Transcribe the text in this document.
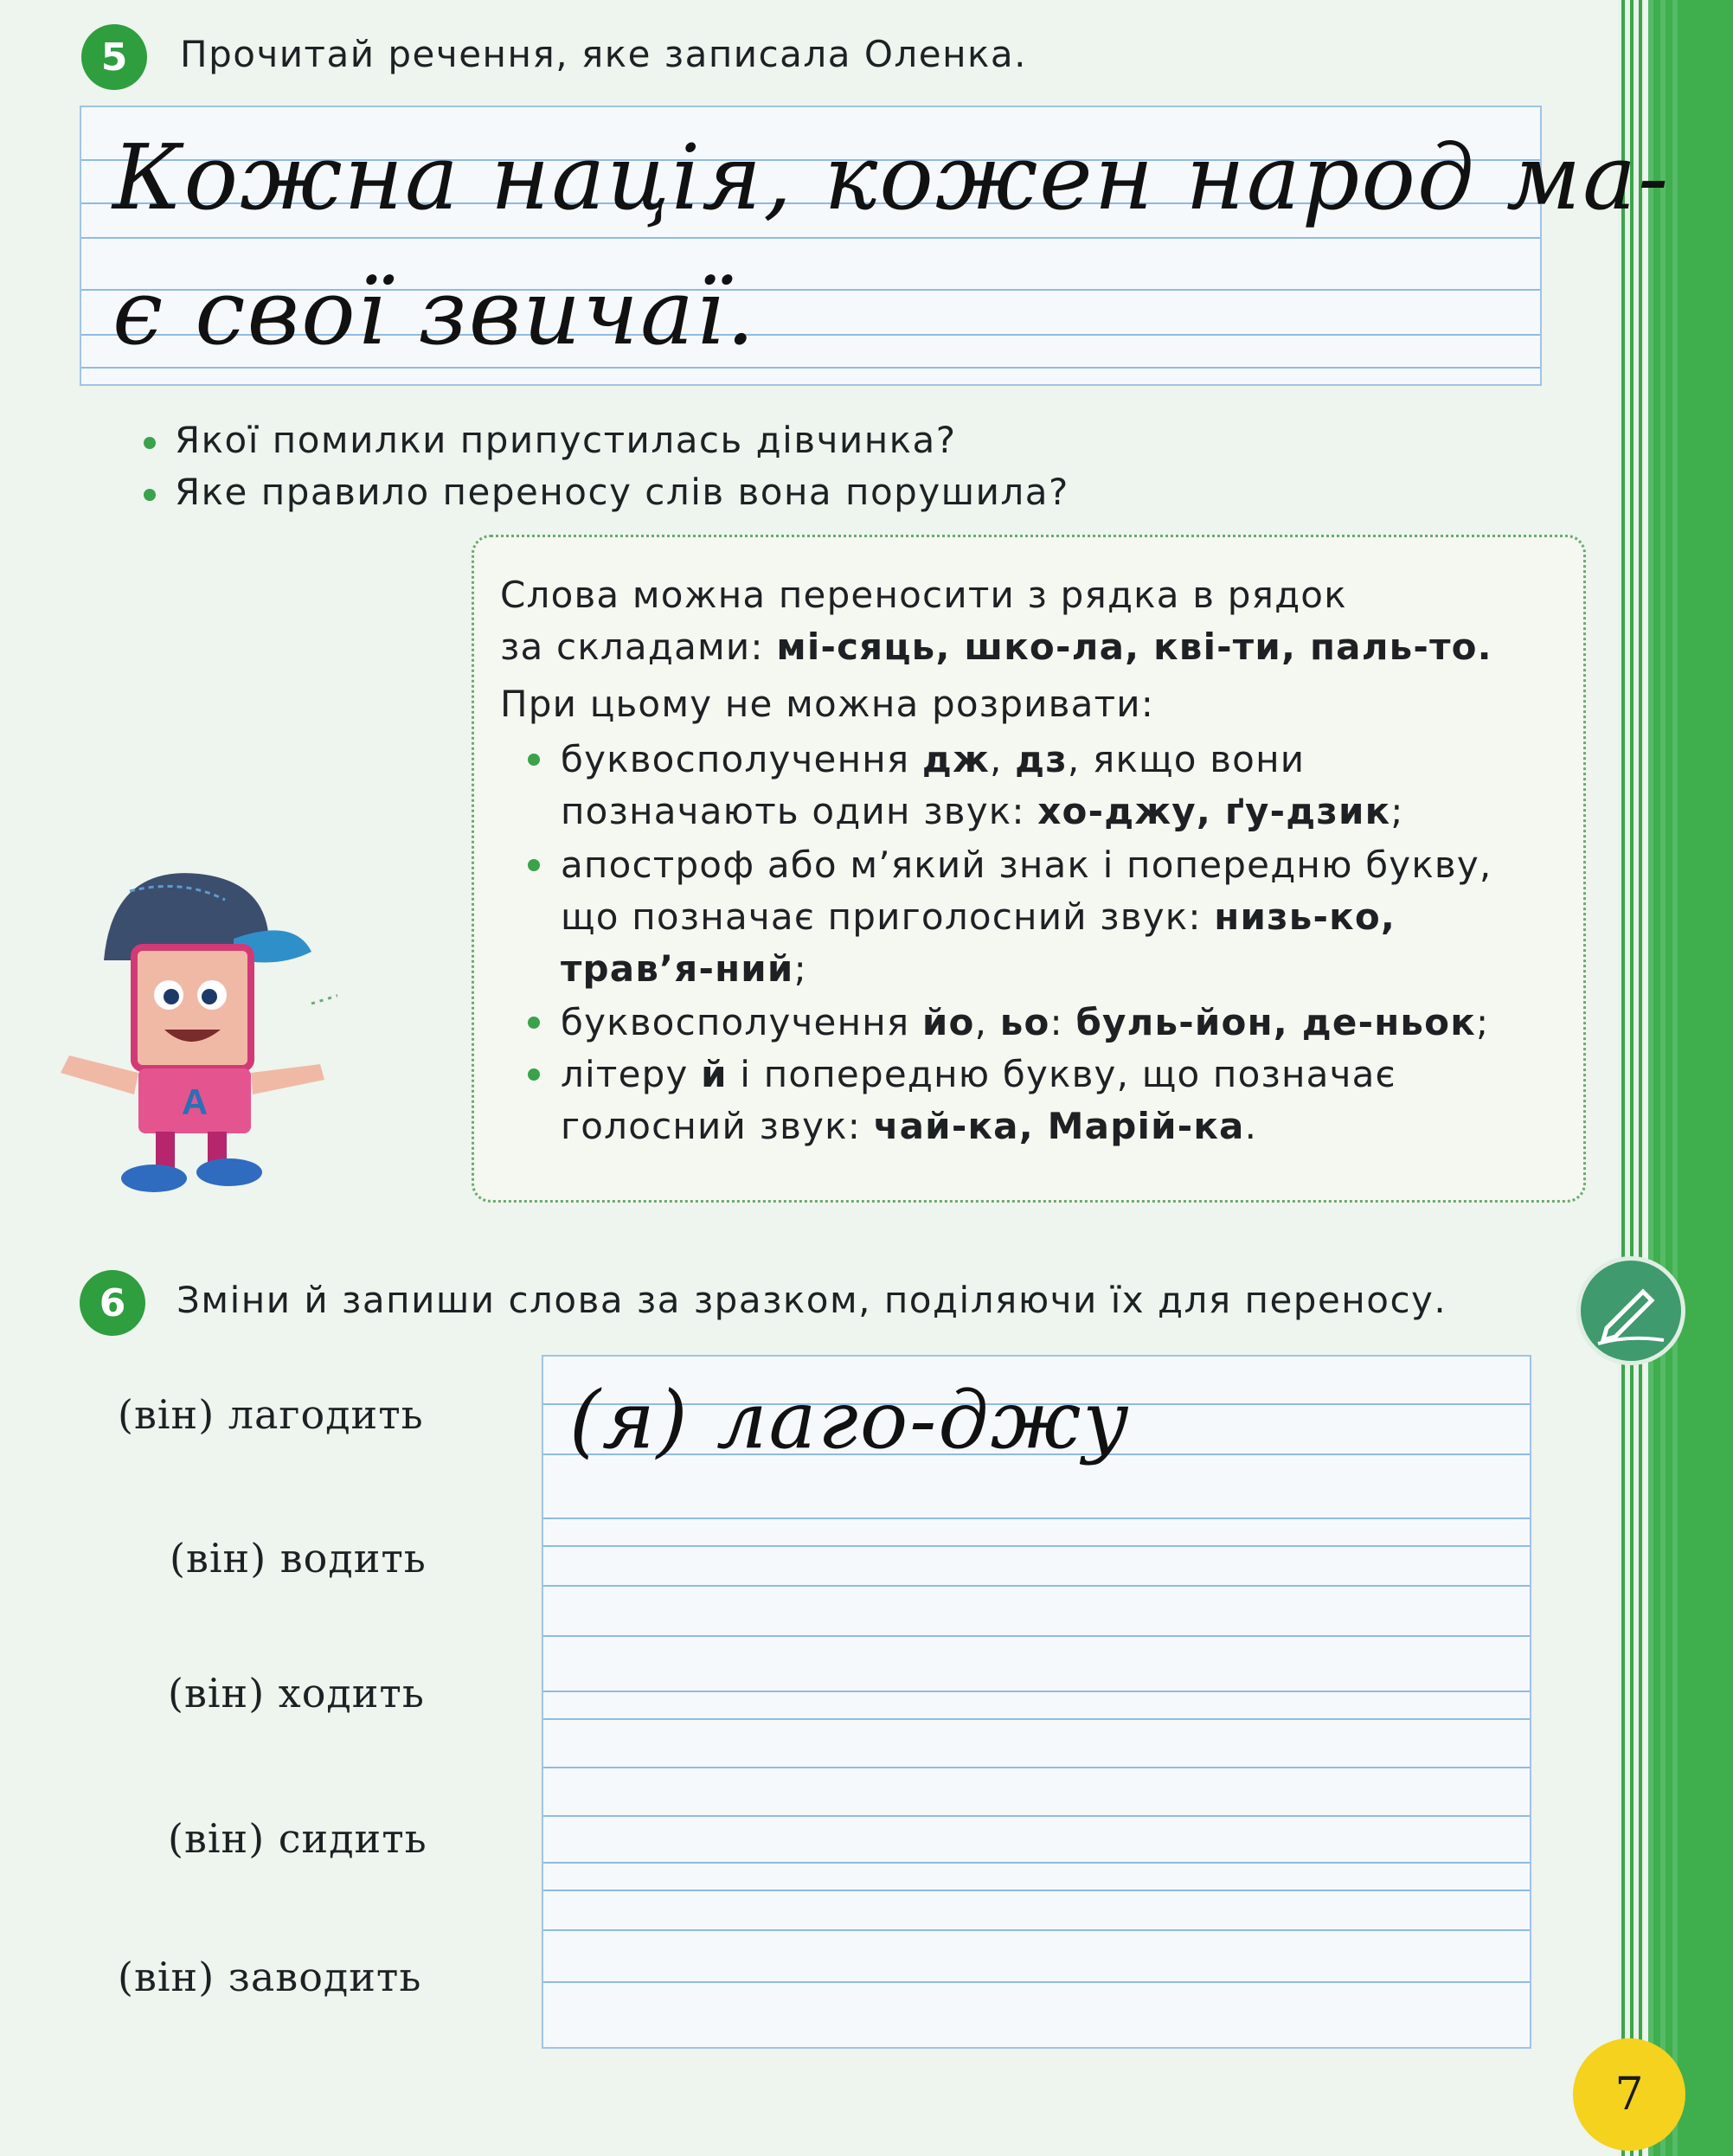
5	Прочитай речення, яке записала Оленка.
Кожна нація, кожен народ ма-
є свої звичаї.
Якої помилки припустилась дівчинка?
Яке правило переносу слів вона порушила?
A
Слова можна переносити з рядка в рядок
за складами: мі-сяць, шко-ла, кві-ти, паль-то.
При цьому не можна розривати:
буквосполучення дж, дз, якщо вони
позначають один звук: хо-джу, ґу-дзик;
апостроф або м’який знак і попередню букву,
що позначає приголосний звук: низь-ко,
трав’я-ний;
буквосполучення йо, ьо: буль-йон, де-ньок;
літеру й і попередню букву, що позначає
голосний звук: чай-ка, Марій-ка.
6	Зміни й запиши слова за зразком, поділяючи їх для переносу.
(я) лаго-джу
(він) лагодить
(він) водить
(він) ходить
(він) сидить
(він) заводить
7
